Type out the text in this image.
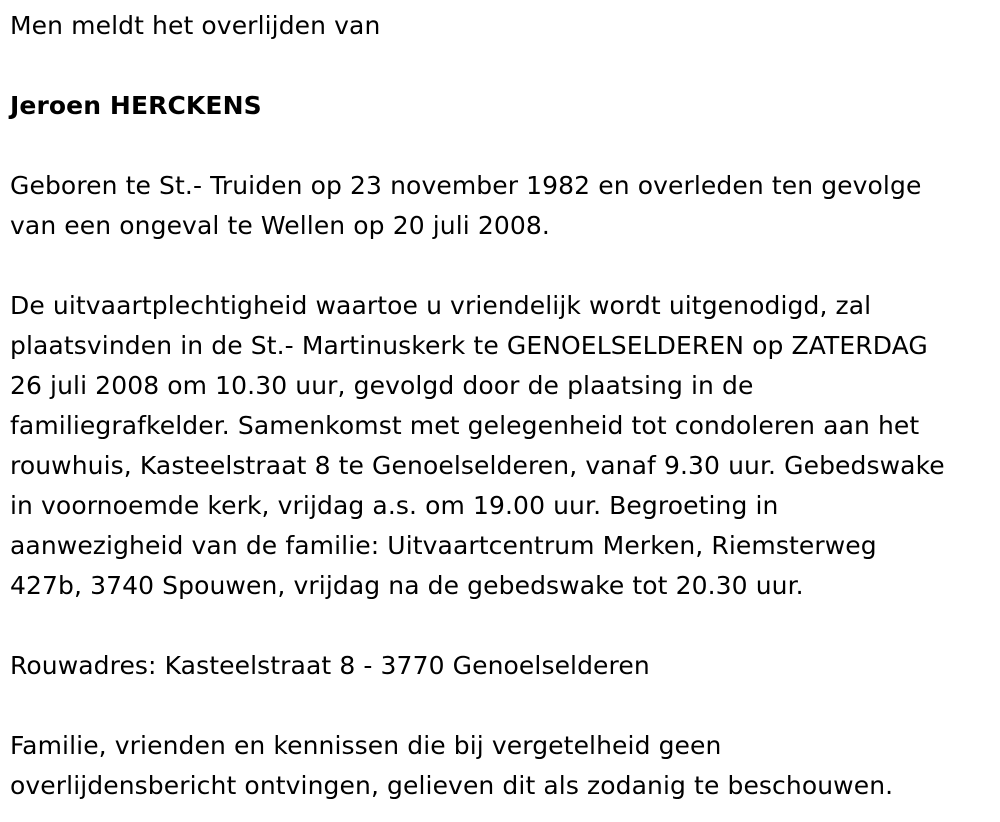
Men meldt het overlijden van

Jeroen HERCKENS

Geboren te St.- Truiden op 23 november 1982 en overleden ten gevolge
van een ongeval te Wellen op 20 juli 2008.

De uitvaartplechtigheid waartoe u vriendelijk wordt uitgenodigd, zal
plaatsvinden in de St.- Martinuskerk te GENOELSELDEREN op ZATERDAG
26 juli 2008 om 10.30 uur, gevolgd door de plaatsing in de
familiegrafkelder. Samenkomst met gelegenheid tot condoleren aan het
rouwhuis, Kasteelstraat 8 te Genoelselderen, vanaf 9.30 uur. Gebedswake
in voornoemde kerk, vrijdag a.s. om 19.00 uur. Begroeting in
aanwezigheid van de familie: Uitvaartcentrum Merken, Riemsterweg
427b, 3740 Spouwen, vrijdag na de gebedswake tot 20.30 uur.

Rouwadres: Kasteelstraat 8 - 3770 Genoelselderen

Familie, vrienden en kennissen die bij vergetelheid geen
overlijdensbericht ontvingen, gelieven dit als zodanig te beschouwen.
